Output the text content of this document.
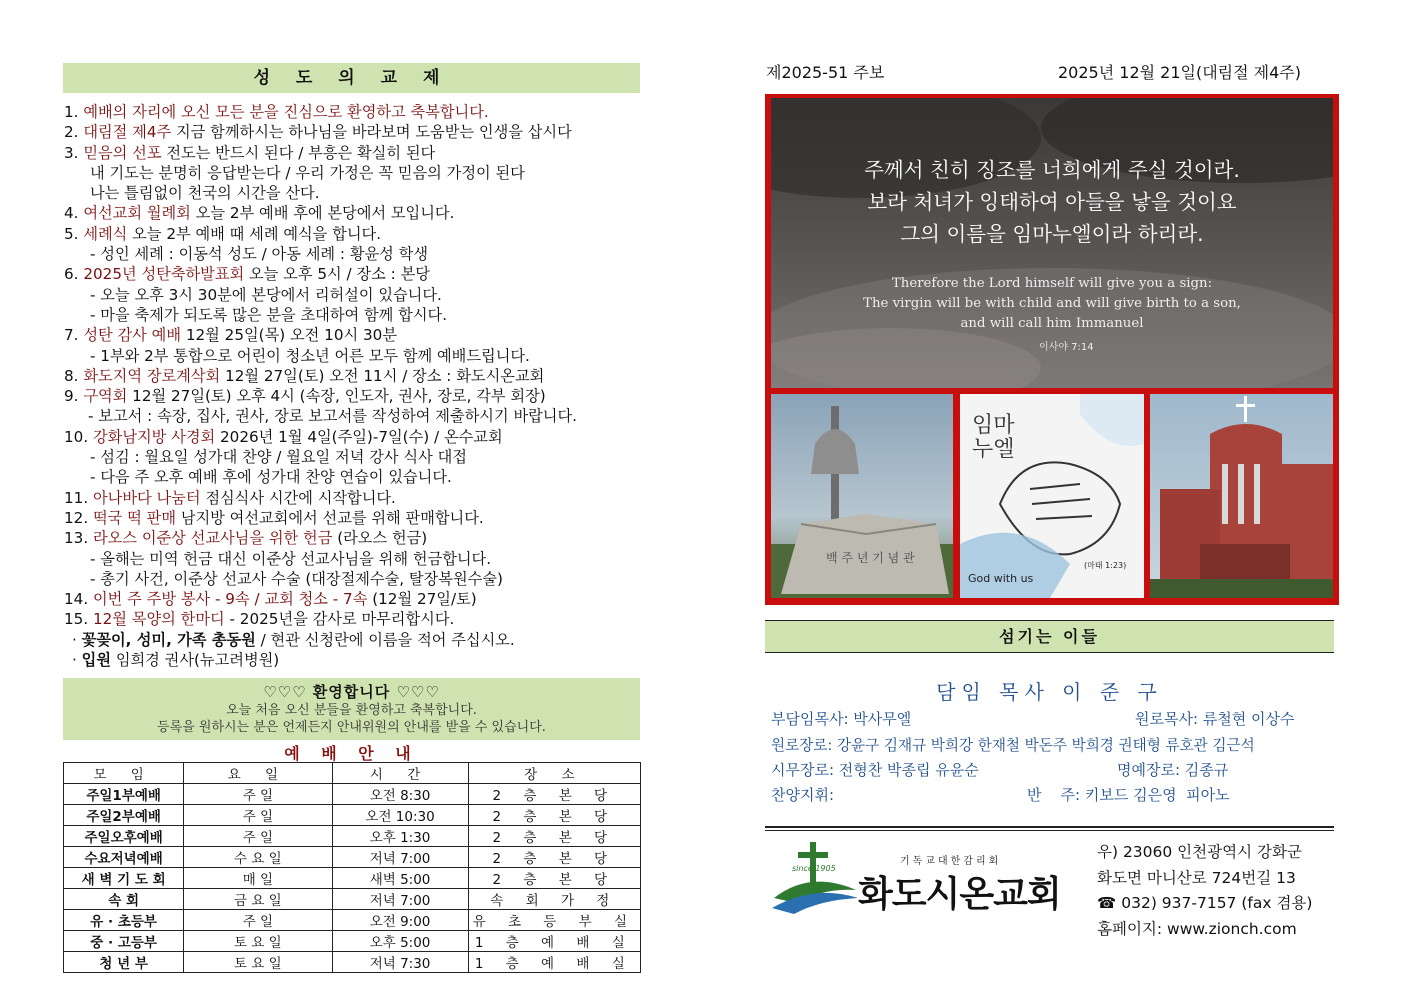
성 도 의 교 제
1. 예배의 자리에 오신 모든 분을 진심으로 환영하고 축복합니다.
2. 대림절 제4주 지금 함께하시는 하나님을 바라보며 도움받는 인생을 삽시다
3. 믿음의 선포 전도는 반드시 된다 / 부흥은 확실히 된다
내 기도는 분명히 응답받는다 / 우리 가정은 꼭 믿음의 가정이 된다
나는 틀림없이 천국의 시간을 산다.
4. 여선교회 월례회 오늘 2부 예배 후에 본당에서 모입니다.
5. 세례식 오늘 2부 예배 때 세례 예식을 합니다.
- 성인 세례 : 이동석 성도 / 아동 세례 : 황윤성 학생
6. 2025년 성탄축하발표회 오늘 오후 5시 / 장소 : 본당
- 오늘 오후 3시 30분에 본당에서 리허설이 있습니다.
- 마을 축제가 되도록 많은 분을 초대하여 함께 합시다.
7. 성탄 감사 예배 12월 25일(목) 오전 10시 30분
- 1부와 2부 통합으로 어린이 청소년 어른 모두 함께 예배드립니다.
8. 화도지역 장로계삭회 12월 27일(토) 오전 11시 / 장소 : 화도시온교회
9. 구역회 12월 27일(토) 오후 4시 (속장, 인도자, 권사, 장로, 각부 회장)
- 보고서 : 속장, 집사, 권사, 장로 보고서를 작성하여 제출하시기 바랍니다.
10. 강화남지방 사경회 2026년 1월 4일(주일)-7일(수) / 온수교회
- 섬김 : 월요일 성가대 찬양 / 월요일 저녁 강사 식사 대접
- 다음 주 오후 예배 후에 성가대 찬양 연습이 있습니다.
11. 아나바다 나눔터 점심식사 시간에 시작합니다.
12. 떡국 떡 판매 남지방 여선교회에서 선교를 위해 판매합니다.
13. 라오스 이준상 선교사님을 위한 헌금 (라오스 헌금)
- 올해는 미역 헌금 대신 이준상 선교사님을 위해 헌금합니다.
- 총기 사건, 이준상 선교사 수술 (대장절제수술, 탈장복원수술)
14. 이번 주 주방 봉사 - 9속 / 교회 청소 - 7속 (12월 27일/토)
15. 12월 목양의 한마디 - 2025년을 감사로 마무리합시다.
· 꽃꽂이, 성미, 가족 총동원 / 현관 신청란에 이름을 적어 주십시오.
· 입원 임희경 권사(뉴고려병원)
♡♡♡ 환영합니다 ♡♡♡
오늘 처음 오신 분들을 환영하고 축복합니다.
등록을 원하시는 분은 언제든지 안내위원의 안내를 받을 수 있습니다.
예 배 안 내
모 임	요 일	시 간	장 소
주일1부예배	주 일	오전 8:30	2 층 본 당
주일2부예배	주 일	오전 10:30	2 층 본 당
주일오후예배	주 일	오후 1:30	2 층 본 당
수요저녁예배	수 요 일	저녁 7:00	2 층 본 당
새 벽 기 도 회	매 일	새벽 5:00	2 층 본 당
속 회	금 요 일	저녁 7:00	속 회 가 정
유 · 초등부	주 일	오전 9:00	유 초 등 부 실
중 · 고등부	토 요 일	오후 5:00	1 층 예 배 실
청 년 부	토 요 일	저녁 7:30	1 층 예 배 실
제2025-51 주보	2025년 12월 21일(대림절 제4주)
주께서 친히 징조를 너희에게 주실 것이라.
보라 처녀가 잉태하여 아들을 낳을 것이요
그의 이름을 임마누엘이라 하리라.
Therefore the Lord himself will give you a sign:
The virgin will be with child and will give birth to a son,
and will call him Immanuel
이사야 7:14
백 주 년 기 념 관
임마 누엘
God with us
(마태 1:23)
섬기는 이들
담임 목사 이 준 구
부담임목사: 박사무엘	원로목사: 류철현 이상수
원로장로: 강윤구 김재규 박희강 한재철 박돈주 박희경 권태형 류호관 김근석
시무장로: 전형찬 박종립 유윤순	명예장로: 김종규
찬양지휘:	반    주: 키보드 김은영  피아노
since 1905
기독교대한감리회
화도시온교회
우) 23060 인천광역시 강화군
화도면 마니산로 724번길 13
☎ 032) 937-7157 (fax 겸용)
홈페이지: www.zionch.com
